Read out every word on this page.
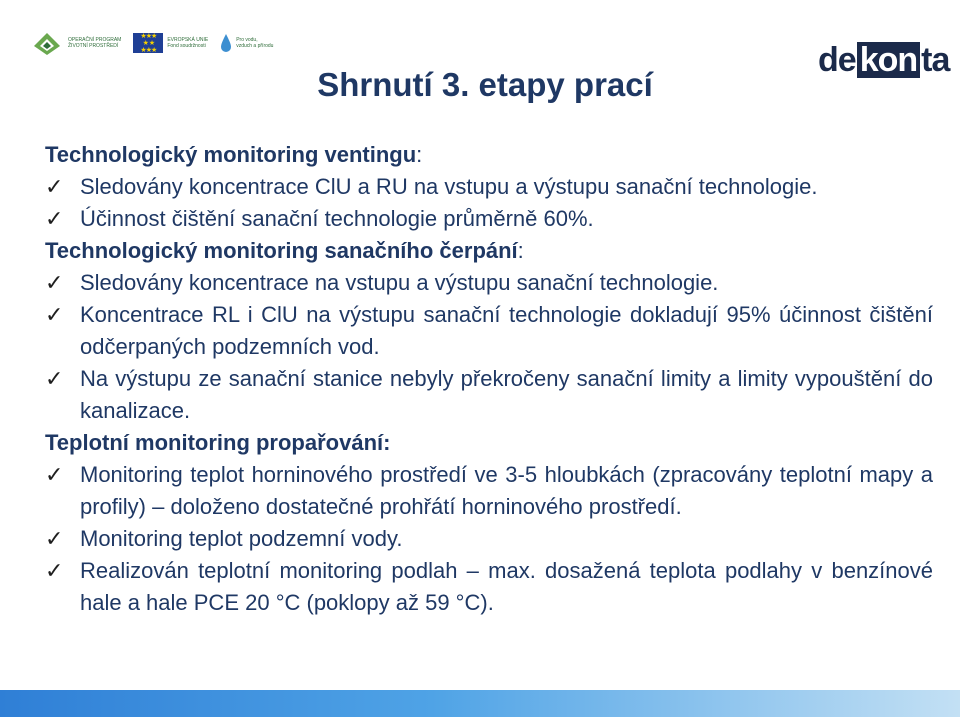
OPERAČNÍ PROGRAM
ŽIVOTNÍ PROSTŘEDÍ
★★★
★ ★
★★★
EVROPSKÁ UNIE
Fond soudržnosti
Pro vodu,
vzduch a přírodu	de kon ta
Shrnutí 3. etapy prací
Technologický monitoring ventingu:
✓ Sledovány koncentrace ClU a RU na vstupu a výstupu sanační technologie.
✓ Účinnost čištění sanační technologie průměrně 60%.
Technologický monitoring sanačního čerpání:
✓ Sledovány koncentrace na vstupu a výstupu sanační technologie.
✓ Koncentrace RL i ClU na výstupu sanační technologie dokladují 95% účinnost čištění odčerpaných podzemních vod.
✓ Na výstupu ze sanační stanice nebyly překročeny sanační limity a limity vypouštění do kanalizace.
Teplotní monitoring propařování:
✓ Monitoring teplot horninového prostředí ve 3-5 hloubkách (zpracovány teplotní mapy a profily) – doloženo dostatečné prohřátí horninového prostředí.
✓ Monitoring teplot podzemní vody.
✓ Realizován teplotní monitoring podlah – max. dosažená teplota podlahy v benzínové hale a hale PCE 20 °C (poklopy až 59 °C).
